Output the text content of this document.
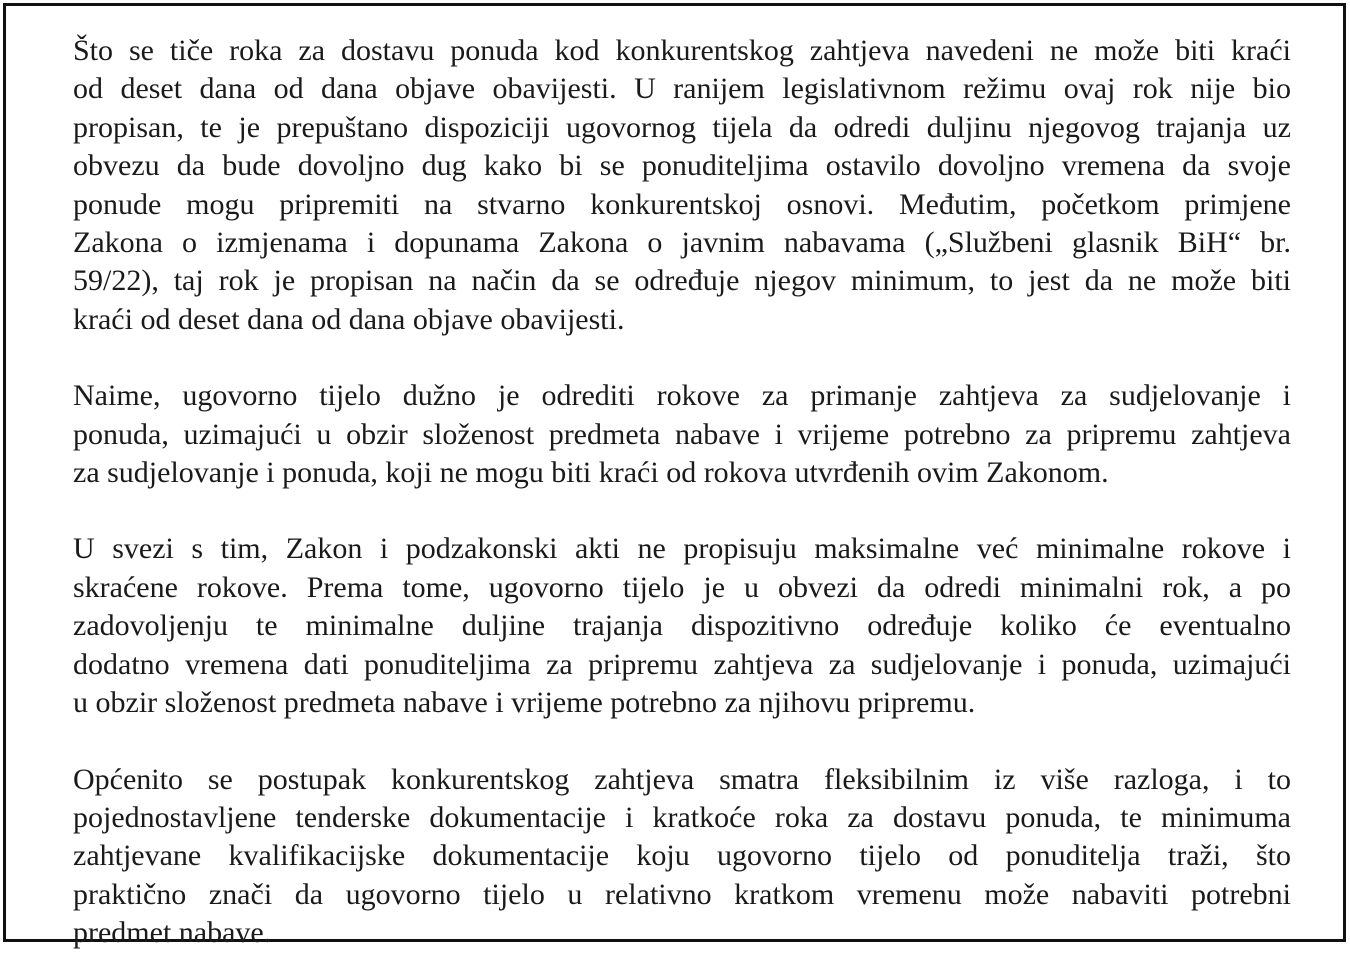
Što se tiče roka za dostavu ponuda kod konkurentskog zahtjeva navedeni ne može biti kraći
od deset dana od dana objave obavijesti. U ranijem legislativnom režimu ovaj rok nije bio
propisan, te je prepuštano dispoziciji ugovornog tijela da odredi duljinu njegovog trajanja uz
obvezu da bude dovoljno dug kako bi se ponuditeljima ostavilo dovoljno vremena da svoje
ponude mogu pripremiti na stvarno konkurentskoj osnovi. Međutim, početkom primjene
Zakona o izmjenama i dopunama Zakona o javnim nabavama („Službeni glasnik BiH“ br.
59/22), taj rok je propisan na način da se određuje njegov minimum, to jest da ne može biti
kraći od deset dana od dana objave obavijesti.

Naime, ugovorno tijelo dužno je odrediti rokove za primanje zahtjeva za sudjelovanje i
ponuda, uzimajući u obzir složenost predmeta nabave i vrijeme potrebno za pripremu zahtjeva
za sudjelovanje i ponuda, koji ne mogu biti kraći od rokova utvrđenih ovim Zakonom.

U svezi s tim, Zakon i podzakonski akti ne propisuju maksimalne već minimalne rokove i
skraćene rokove. Prema tome, ugovorno tijelo je u obvezi da odredi minimalni rok, a po
zadovoljenju te minimalne duljine trajanja dispozitivno određuje koliko će eventualno
dodatno vremena dati ponuditeljima za pripremu zahtjeva za sudjelovanje i ponuda, uzimajući
u obzir složenost predmeta nabave i vrijeme potrebno za njihovu pripremu.

Općenito se postupak konkurentskog zahtjeva smatra fleksibilnim iz više razloga, i to
pojednostavljene tenderske dokumentacije i kratkoće roka za dostavu ponuda, te minimuma
zahtjevane kvalifikacijske dokumentacije koju ugovorno tijelo od ponuditelja traži, što
praktično znači da ugovorno tijelo u relativno kratkom vremenu može nabaviti potrebni
predmet nabave.
